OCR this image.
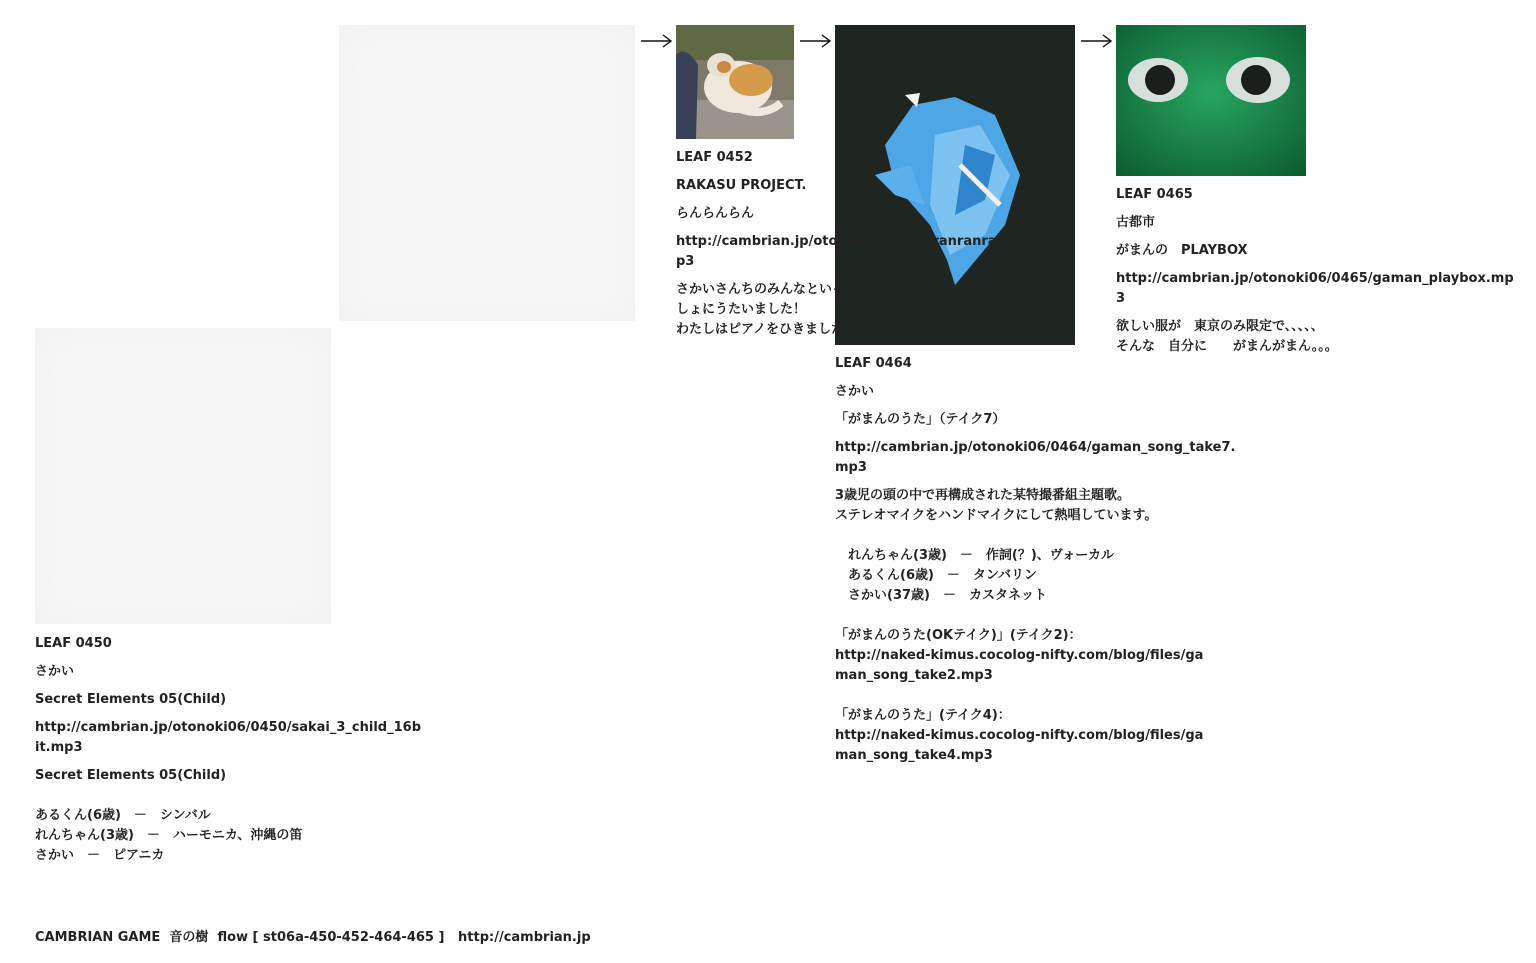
LEAF 0450

さかい

Secret Elements 05(Child)

http://cambrian.jp/otonoki06/0450/sakai_3_child_16bit.mp3

Secret Elements 05(Child)

あるくん(6歳)　－　シンバル

れんちゃん(3歳)　－　ハーモニカ、沖縄の笛

さかい　－　ピアニカ

LEAF 0452

RAKASU PROJECT.

らんらんらん

http://cambrian.jp/otonoki06/0452/ranranran_d.mp3

さかいさんちのみんなといっしょにうたいました！

わたしはピアノをひきました。

LEAF 0464

さかい

「がまんのうた」（テイク7）

http://cambrian.jp/otonoki06/0464/gaman_song_take7.mp3

3歳児の頭の中で再構成された某特撮番組主題歌。

ステレオマイクをハンドマイクにして熱唱しています。

れんちゃん(3歳)　－　作詞(？)、ヴォーカル

あるくん(6歳)　－　タンバリン

さかい(37歳)　－　カスタネット

「がまんのうた(OKテイク)」(テイク2)：

http://naked-kimus.cocolog-nifty.com/blog/files/gaman_song_take2.mp3

「がまんのうた」(テイク4)：

http://naked-kimus.cocolog-nifty.com/blog/files/gaman_song_take4.mp3

LEAF 0465

古都市

がまんの　PLAYBOX

http://cambrian.jp/otonoki06/0465/gaman_playbox.mp3

欲しい服が　東京のみ限定で、、、、、

そんな　自分に　　がまんがまん。。。

CAMBRIAN GAME 音の樹 flow [ st06a-450-452-464-465 ] http://cambrian.jp
